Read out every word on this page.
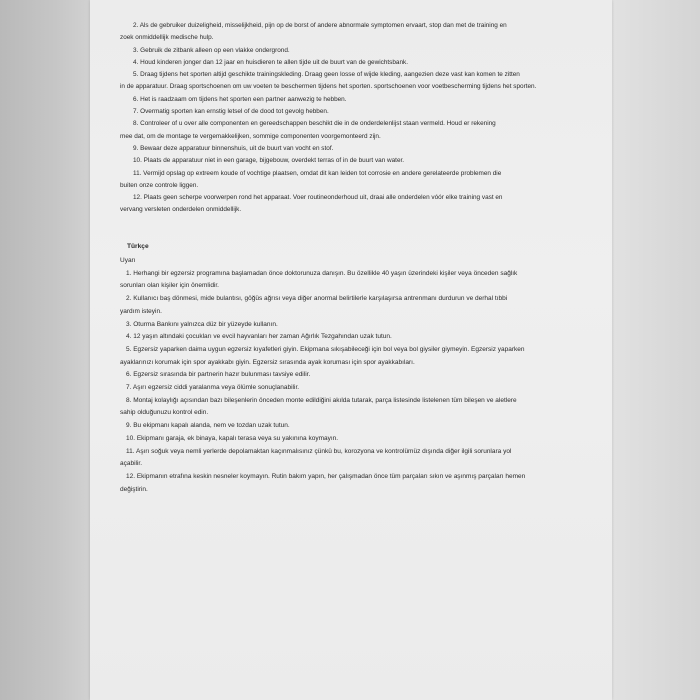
2. Als de gebruiker duizeligheid, misselijkheid, pijn op de borst of andere abnormale symptomen ervaart, stop dan met de training en
zoek onmiddellijk medische hulp.
3. Gebruik de zitbank alleen op een vlakke ondergrond.
4. Houd kinderen jonger dan 12 jaar en huisdieren te allen tijde uit de buurt van de gewichtsbank.
5. Draag tijdens het sporten altijd geschikte trainingskleding. Draag geen losse of wijde kleding, aangezien deze vast kan komen te zitten
in de apparatuur. Draag sportschoenen om uw voeten te beschermen tijdens het sporten. sportschoenen voor voetbescherming tijdens het sporten.
6. Het is raadzaam om tijdens het sporten een partner aanwezig te hebben.
7. Overmatig sporten kan ernstig letsel of de dood tot gevolg hebben.
8. Controleer of u over alle componenten en gereedschappen beschikt die in de onderdelenlijst staan vermeld. Houd er rekening
mee dat, om de montage te vergemakkelijken, sommige componenten voorgemonteerd zijn.
9. Bewaar deze apparatuur binnenshuis, uit de buurt van vocht en stof.
10. Plaats de apparatuur niet in een garage, bijgebouw, overdekt terras of in de buurt van water.
11. Vermijd opslag op extreem koude of vochtige plaatsen, omdat dit kan leiden tot corrosie en andere gerelateerde problemen die
buiten onze controle liggen.
12. Plaats geen scherpe voorwerpen rond het apparaat. Voer routineonderhoud uit, draai alle onderdelen vóór elke training vast en
vervang versleten onderdelen onmiddellijk.
Türkçe
Uyarı
1. Herhangi bir egzersiz programına başlamadan önce doktorunuza danışın. Bu özellikle 40 yaşın üzerindeki kişiler veya önceden sağlık
sorunları olan kişiler için önemlidir.
2. Kullanıcı baş dönmesi, mide bulantısı, göğüs ağrısı veya diğer anormal belirtilerle karşılaşırsa antrenmanı durdurun ve derhal tıbbi
yardım isteyin.
3. Oturma Bankını yalnızca düz bir yüzeyde kullanın.
4. 12 yaşın altındaki çocukları ve evcil hayvanları her zaman Ağırlık Tezgahından uzak tutun.
5. Egzersiz yaparken daima uygun egzersiz kıyafetleri giyin. Ekipmana sıkışabileceği için bol veya bol giysiler giymeyin. Egzersiz yaparken
ayaklarınızı korumak için spor ayakkabı giyin. Egzersiz sırasında ayak koruması için spor ayakkabıları.
6. Egzersiz sırasında bir partnerin hazır bulunması tavsiye edilir.
7. Aşırı egzersiz ciddi yaralanma veya ölümle sonuçlanabilir.
8. Montaj kolaylığı açısından bazı bileşenlerin önceden monte edildiğini akılda tutarak, parça listesinde listelenen tüm bileşen ve aletlere
sahip olduğunuzu kontrol edin.
9. Bu ekipmanı kapalı alanda, nem ve tozdan uzak tutun.
10. Ekipmanı garaja, ek binaya, kapalı terasa veya su yakınına koymayın.
11. Aşırı soğuk veya nemli yerlerde depolamaktan kaçınmalısınız çünkü bu, korozyona ve kontrolümüz dışında diğer ilgili sorunlara yol
açabilir.
12. Ekipmanın etrafına keskin nesneler koymayın. Rutin bakım yapın, her çalışmadan önce tüm parçaları sıkın ve aşınmış parçaları hemen
değiştirin.
